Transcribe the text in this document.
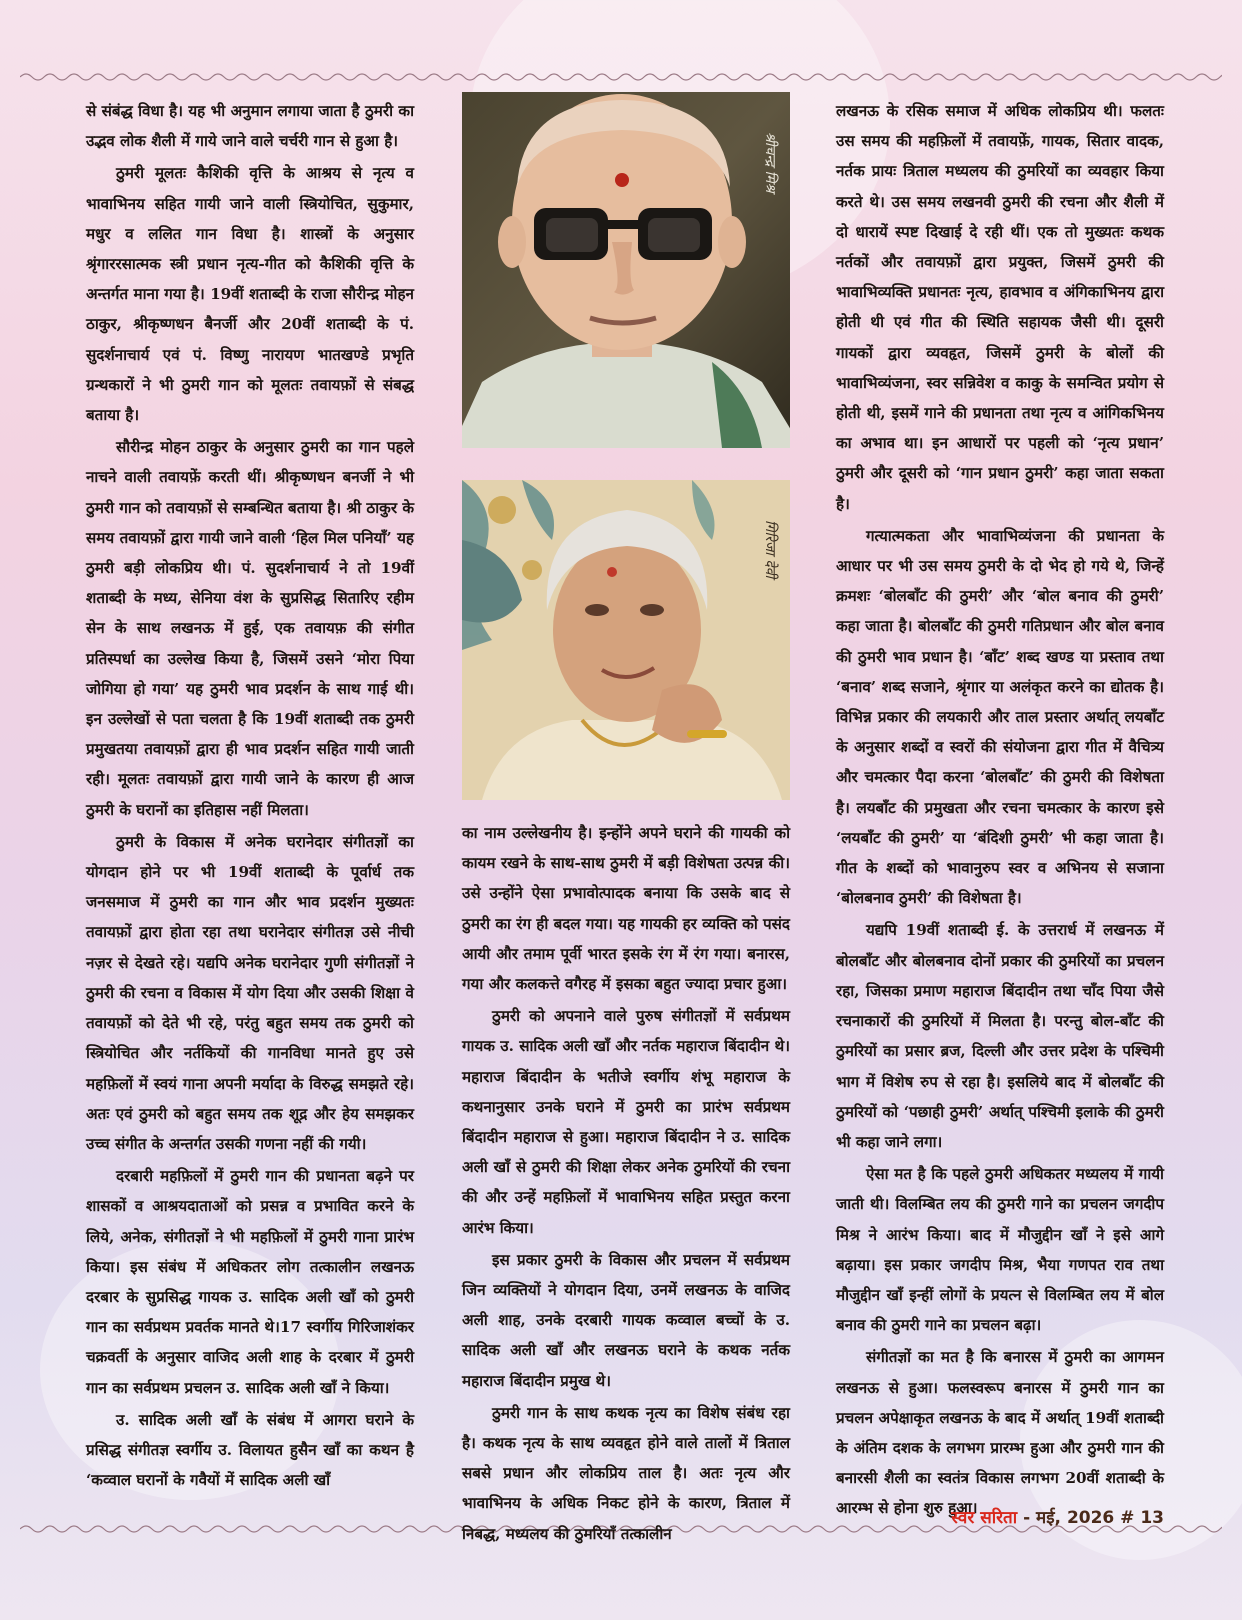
से संबंद्ध विधा है। यह भी अनुमान लगाया जाता है ठुमरी का उद्भव लोक शैली में गाये जाने वाले चर्चरी गान से हुआ है।

ठुमरी मूलतः कैशिकी वृत्ति के आश्रय से नृत्य व भावाभिनय सहित गायी जाने वाली स्त्रियोचित, सुकुमार, मधुर व ललित गान विधा है। शास्त्रों के अनुसार श्रृंगाररसात्मक स्त्री प्रधान नृत्य-गीत को कैशिकी वृत्ति के अन्तर्गत माना गया है। 19वीं शताब्दी के राजा सौरीन्द्र मोहन ठाकुर, श्रीकृष्णधन बैनर्जी और 20वीं शताब्दी के पं. सुदर्शनाचार्य एवं पं. विष्णु नारायण भातखण्डे प्रभृति ग्रन्थकारों ने भी ठुमरी गान को मूलतः तवायफ़ों से संबद्ध बताया है।

सौरीन्द्र मोहन ठाकुर के अनुसार ठुमरी का गान पहले नाचने वाली तवायफ़ें करती थीं। श्रीकृष्णधन बनर्जी ने भी ठुमरी गान को तवायफ़ों से सम्बन्धित बताया है। श्री ठाकुर के समय तवायफ़ों द्वारा गायी जाने वाली ‘हिल मिल पनियाँ’ यह ठुमरी बड़ी लोकप्रिय थी। पं. सुदर्शनाचार्य ने तो 19वीं शताब्दी के मध्य, सेनिया वंश के सुप्रसिद्ध सितारिए रहीम सेन के साथ लखनऊ में हुई, एक तवायफ़ की संगीत प्रतिस्पर्धा का उल्लेख किया है, जिसमें उसने ‘मोरा पिया जोगिया हो गया’ यह ठुमरी भाव प्रदर्शन के साथ गाई थी। इन उल्लेखों से पता चलता है कि 19वीं शताब्दी तक ठुमरी प्रमुखतया तवायफ़ों द्वारा ही भाव प्रदर्शन सहित गायी जाती रही। मूलतः तवायफ़ों द्वारा गायी जाने के कारण ही आज ठुमरी के घरानों का इतिहास नहीं मिलता।

ठुमरी के विकास में अनेक घरानेदार संगीतज्ञों का योगदान होने पर भी 19वीं शताब्दी के पूर्वार्ध तक जनसमाज में ठुमरी का गान और भाव प्रदर्शन मुख्यतः तवायफ़ों द्वारा होता रहा तथा घरानेदार संगीतज्ञ उसे नीची नज़र से देखते रहे। यद्यपि अनेक घरानेदार गुणी संगीतज्ञों ने ठुमरी की रचना व विकास में योग दिया और उसकी शिक्षा वे तवायफ़ों को देते भी रहे, परंतु बहुत समय तक ठुमरी को स्त्रियोचित और नर्तकियों की गानविधा मानते हुए उसे महफ़िलों में स्वयं गाना अपनी मर्यादा के विरुद्ध समझते रहे। अतः एवं ठुमरी को बहुत समय तक शूद्र और हेय समझकर उच्च संगीत के अन्तर्गत उसकी गणना नहीं की गयी।

दरबारी महफ़िलों में ठुमरी गान की प्रधानता बढ़ने पर शासकों व आश्रयदाताओं को प्रसन्न व प्रभावित करने के लिये, अनेक, संगीतज्ञों ने भी महफ़िलों में ठुमरी गाना प्रारंभ किया। इस संबंध में अधिकतर लोग तत्कालीन लखनऊ दरबार के सुप्रसिद्ध गायक उ. सादिक अली खाँ को ठुमरी गान का सर्वप्रथम प्रवर्तक मानते थे।17 स्वर्गीय गिरिजाशंकर चक्रवर्ती के अनुसार वाजिद अली शाह के दरबार में ठुमरी गान का सर्वप्रथम प्रचलन उ. सादिक अली खाँ ने किया।

उ. सादिक अली खाँ के संबंध में आगरा घराने के प्रसिद्ध संगीतज्ञ स्वर्गीय उ. विलायत हुसैन खाँ का कथन है ‘कव्वाल घरानों के गवैयों में सादिक अली खाँ

श्रीचन्द्र मिश्र
गिरिजा देवी

का नाम उल्लेखनीय है। इन्होंने अपने घराने की गायकी को कायम रखने के साथ-साथ ठुमरी में बड़ी विशेषता उत्पन्न की। उसे उन्होंने ऐसा प्रभावोत्पादक बनाया कि उसके बाद से ठुमरी का रंग ही बदल गया। यह गायकी हर व्यक्ति को पसंद आयी और तमाम पूर्वी भारत इसके रंग में रंग गया। बनारस, गया और कलकत्ते वगैरह में इसका बहुत ज्यादा प्रचार हुआ।

ठुमरी को अपनाने वाले पुरुष संगीतज्ञों में सर्वप्रथम गायक उ. सादिक अली खाँ और नर्तक महाराज बिंदादीन थे। महाराज बिंदादीन के भतीजे स्वर्गीय शंभू महाराज के कथनानुसार उनके घराने में ठुमरी का प्रारंभ सर्वप्रथम बिंदादीन महाराज से हुआ। महाराज बिंदादीन ने उ. सादिक अली खाँ से ठुमरी की शिक्षा लेकर अनेक ठुमरियों की रचना की और उन्हें महफ़िलों में भावाभिनय सहित प्रस्तुत करना आरंभ किया।

इस प्रकार ठुमरी के विकास और प्रचलन में सर्वप्रथम जिन व्यक्तियों ने योगदान दिया, उनमें लखनऊ के वाजिद अली शाह, उनके दरबारी गायक कव्वाल बच्चों के उ. सादिक अली खाँ और लखनऊ घराने के कथक नर्तक महाराज बिंदादीन प्रमुख थे।

ठुमरी गान के साथ कथक नृत्य का विशेष संबंध रहा है। कथक नृत्य के साथ व्यवहृत होने वाले तालों में त्रिताल सबसे प्रधान और लोकप्रिय ताल है। अतः नृत्य और भावाभिनय के अधिक निकट होने के कारण, त्रिताल में निबद्ध, मध्यलय की ठुमरियाँ तत्कालीन

लखनऊ के रसिक समाज में अधिक लोकप्रिय थी। फलतः उस समय की महफ़िलों में तवायफ़ें, गायक, सितार वादक, नर्तक प्रायः त्रिताल मध्यलय की ठुमरियों का व्यवहार किया करते थे। उस समय लखनवी ठुमरी की रचना और शैली में दो धारायें स्पष्ट दिखाई दे रही थीं। एक तो मुख्यतः कथक नर्तकों और तवायफ़ों द्वारा प्रयुक्त, जिसमें ठुमरी की भावाभिव्यक्ति प्रधानतः नृत्य, हावभाव व अंगिकाभिनय द्वारा होती थी एवं गीत की स्थिति सहायक जैसी थी। दूसरी गायकों द्वारा व्यवहृत, जिसमें ठुमरी के बोलों की भावाभिव्यंजना, स्वर सन्निवेश व काकु के समन्वित प्रयोग से होती थी, इसमें गाने की प्रधानता तथा नृत्य व आंगिकभिनय का अभाव था। इन आधारों पर पहली को ‘नृत्य प्रधान’ ठुमरी और दूसरी को ‘गान प्रधान ठुमरी’ कहा जाता सकता है।

गत्यात्मकता और भावाभिव्यंजना की प्रधानता के आधार पर भी उस समय ठुमरी के दो भेद हो गये थे, जिन्हें क्रमशः ‘बोलबाँट की ठुमरी’ और ‘बोल बनाव की ठुमरी’ कहा जाता है। बोलबाँट की ठुमरी गतिप्रधान और बोल बनाव की ठुमरी भाव प्रधान है। ‘बाँट’ शब्द खण्ड या प्रस्ताव तथा ‘बनाव’ शब्द सजाने, श्रृंगार या अलंकृत करने का द्योतक है। विभिन्न प्रकार की लयकारी और ताल प्रस्तार अर्थात् लयबाँट के अनुसार शब्दों व स्वरों की संयोजना द्वारा गीत में वैचित्र्य और चमत्कार पैदा करना ‘बोलबाँट’ की ठुमरी की विशेषता है। लयबाँट की प्रमुखता और रचना चमत्कार के कारण इसे ‘लयबाँट की ठुमरी’ या ‘बंदिशी ठुमरी’ भी कहा जाता है। गीत के शब्दों को भावानुरुप स्वर व अभिनय से सजाना ‘बोलबनाव ठुमरी’ की विशेषता है।

यद्यपि 19वीं शताब्दी ई. के उत्तरार्ध में लखनऊ में बोलबाँट और बोलबनाव दोनों प्रकार की ठुमरियों का प्रचलन रहा, जिसका प्रमाण महाराज बिंदादीन तथा चाँद पिया जैसे रचनाकारों की ठुमरियों में मिलता है। परन्तु बोल-बाँट की ठुमरियों का प्रसार ब्रज, दिल्ली और उत्तर प्रदेश के पश्चिमी भाग में विशेष रुप से रहा है। इसलिये बाद में बोलबाँट की ठुमरियों को ‘पछाही ठुमरी’ अर्थात् पश्चिमी इलाके की ठुमरी भी कहा जाने लगा।

ऐसा मत है कि पहले ठुमरी अधिकतर मध्यलय में गायी जाती थी। विलम्बित लय की ठुमरी गाने का प्रचलन जगदीप मिश्र ने आरंभ किया। बाद में मौजुद्दीन खाँ ने इसे आगे बढ़ाया। इस प्रकार जगदीप मिश्र, भैया गणपत राव तथा मौजुद्दीन खाँ इन्हीं लोगों के प्रयत्न से विलम्बित लय में बोल बनाव की ठुमरी गाने का प्रचलन बढ़ा।

संगीतज्ञों का मत है कि बनारस में ठुमरी का आगमन लखनऊ से हुआ। फलस्वरूप बनारस में ठुमरी गान का प्रचलन अपेक्षाकृत लखनऊ के बाद में अर्थात् 19वीं शताब्दी के अंतिम दशक के लगभग प्रारम्भ हुआ और ठुमरी गान की बनारसी शैली का स्वतंत्र विकास लगभग 20वीं शताब्दी के आरम्भ से होना शुरु हुआ।

स्वर सरिता - मई, 2026 # 13
